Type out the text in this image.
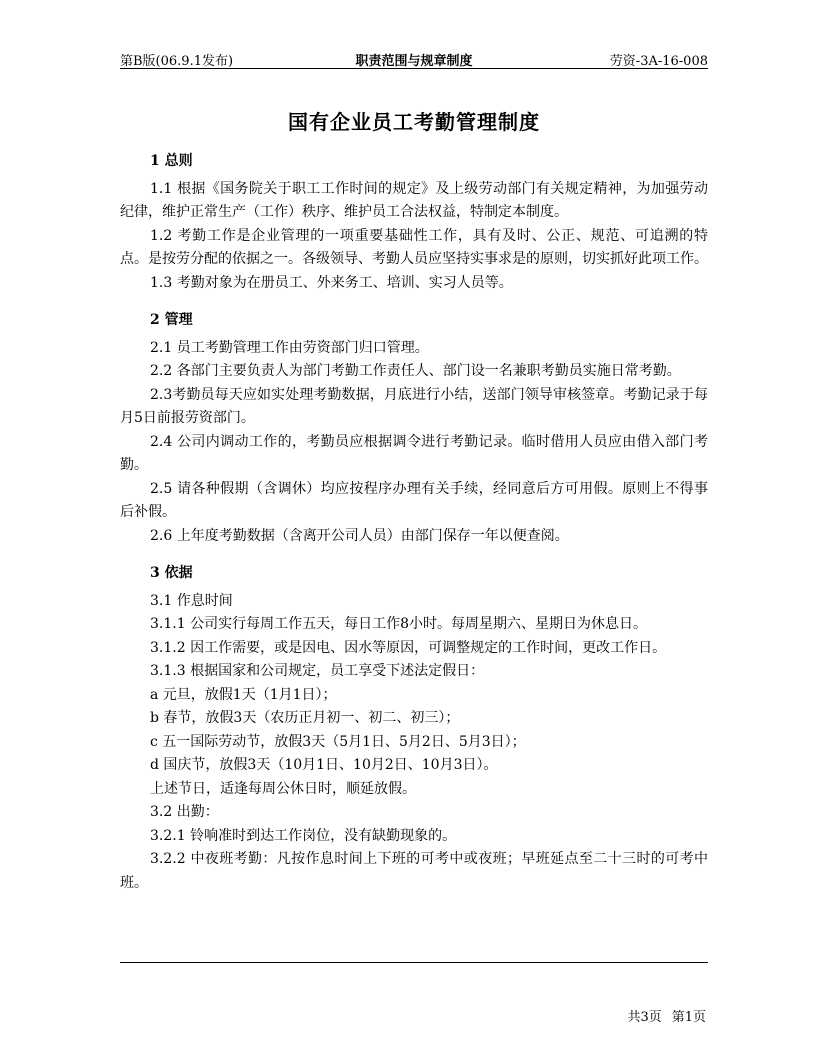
第B版(06.9.1发布)	职责范围与规章制度	劳资-3A-16-008
国有企业员工考勤管理制度

1 总则

1.1 根据《国务院关于职工工作时间的规定》及上级劳动部门有关规定精神，为加强劳动纪律，维护正常生产（工作）秩序、维护员工合法权益，特制定本制度。

1.2 考勤工作是企业管理的一项重要基础性工作，具有及时、公正、规范、可追溯的特点。是按劳分配的依据之一。各级领导、考勤人员应坚持实事求是的原则，切实抓好此项工作。

1.3 考勤对象为在册员工、外来务工、培训、实习人员等。

2 管理

2.1 员工考勤管理工作由劳资部门归口管理。

2.2 各部门主要负责人为部门考勤工作责任人、部门设一名兼职考勤员实施日常考勤。

2.3考勤员每天应如实处理考勤数据，月底进行小结，送部门领导审核签章。考勤记录于每月5日前报劳资部门。

2.4 公司内调动工作的，考勤员应根据调令进行考勤记录。临时借用人员应由借入部门考勤。

2.5 请各种假期（含调休）均应按程序办理有关手续，经同意后方可用假。原则上不得事后补假。

2.6 上年度考勤数据（含离开公司人员）由部门保存一年以便查阅。

3 依据

3.1 作息时间

3.1.1 公司实行每周工作五天，每日工作8小时。每周星期六、星期日为休息日。

3.1.2 因工作需要，或是因电、因水等原因，可调整规定的工作时间，更改工作日。

3.1.3 根据国家和公司规定，员工享受下述法定假日：

a 元旦，放假1天（1月1日）；

b 春节，放假3天（农历正月初一、初二、初三）；

c 五一国际劳动节，放假3天（5月1日、5月2日、5月3日）；

d 国庆节，放假3天（10月1日、10月2日、10月3日）。

上述节日，适逢每周公休日时，顺延放假。

3.2 出勤：

3.2.1 铃响准时到达工作岗位，没有缺勤现象的。

3.2.2 中夜班考勤：凡按作息时间上下班的可考中或夜班；早班延点至二十三时的可考中班。

共3页 第1页
